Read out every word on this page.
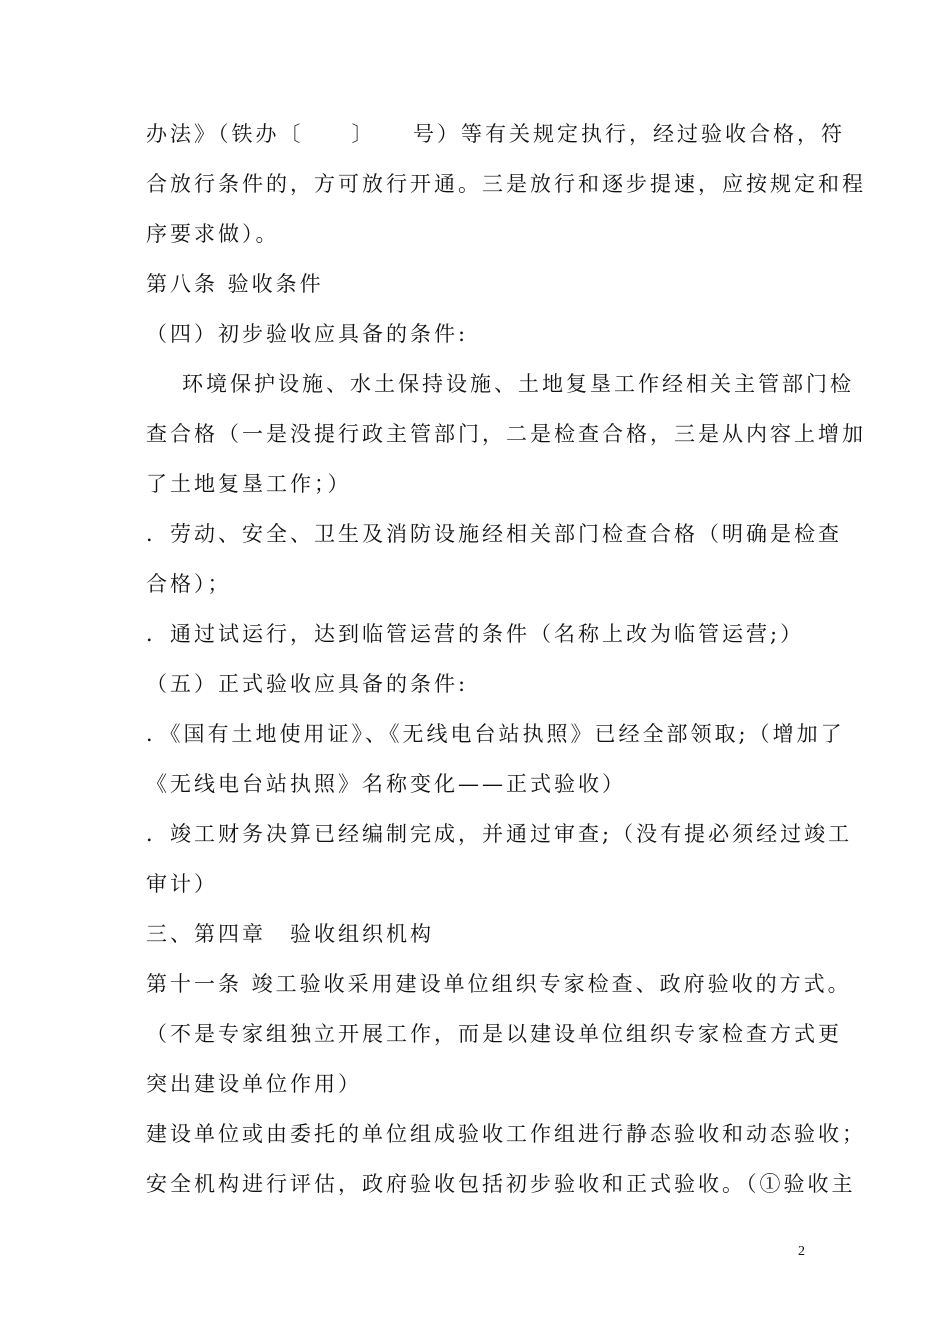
办法》（铁办〔　　〕　　号）等有关规定执行，经过验收合格，符
合放行条件的，方可放行开通。三是放行和逐步提速，应按规定和程
序要求做）。
第八条 验收条件
（四）初步验收应具备的条件:
环境保护设施、水土保持设施、土地复垦工作经相关主管部门检
查合格（一是没提行政主管部门，二是检查合格，三是从内容上增加
了土地复垦工作；）
．劳动、安全、卫生及消防设施经相关部门检查合格（明确是检查
合格）；
．通过试运行，达到临管运营的条件（名称上改为临管运营;）
（五）正式验收应具备的条件:
．《国有土地使用证》、《无线电台站执照》已经全部领取;（增加了
《无线电台站执照》名称变化——正式验收）
．竣工财务决算已经编制完成，并通过审查;（没有提必须经过竣工
审计）
三、第四章　验收组织机构
第十一条 竣工验收采用建设单位组织专家检查、政府验收的方式。
（不是专家组独立开展工作，而是以建设单位组织专家检查方式更
突出建设单位作用）
建设单位或由委托的单位组成验收工作组进行静态验收和动态验收；
安全机构进行评估，政府验收包括初步验收和正式验收。（①验收主
2
